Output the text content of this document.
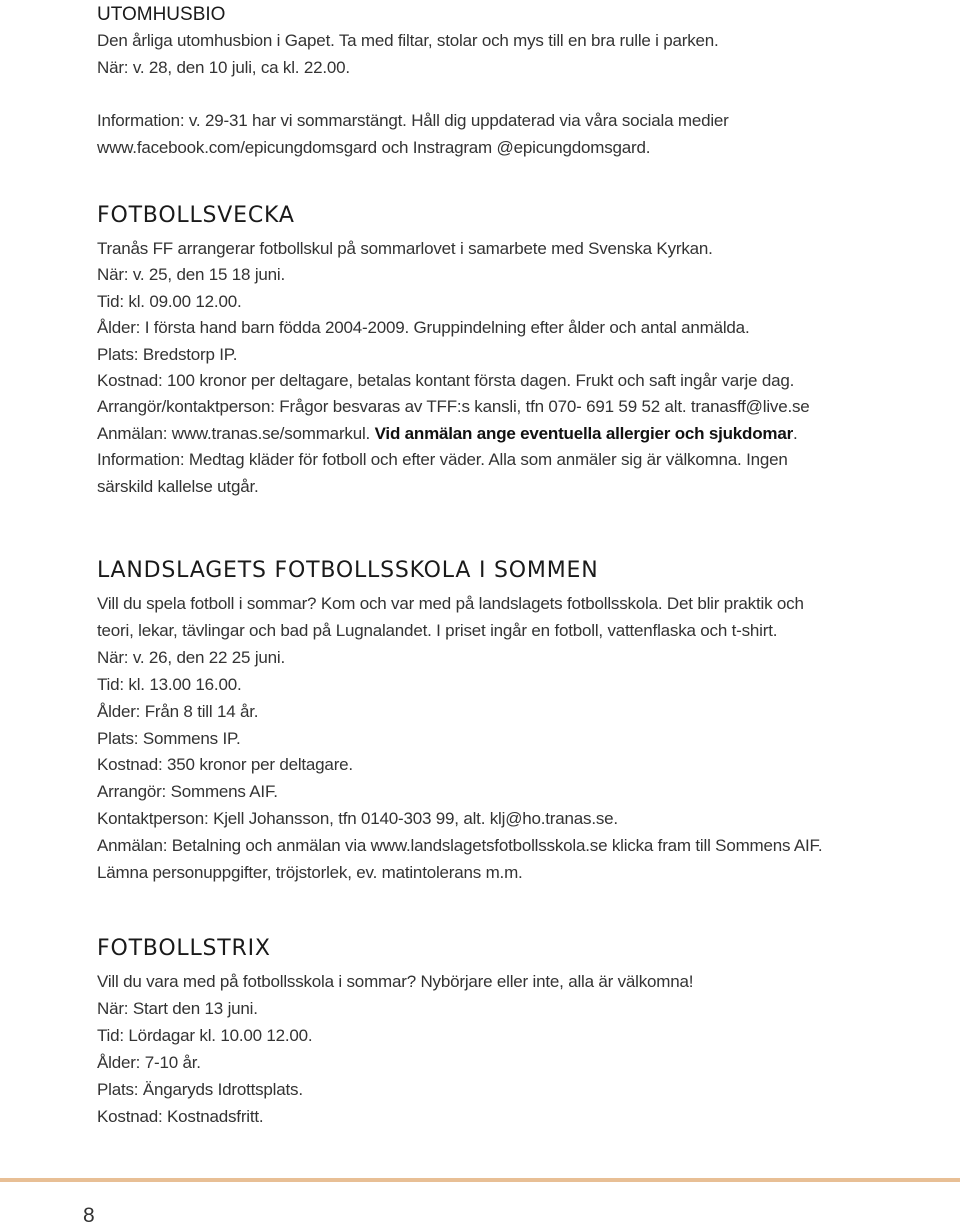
UTOMHUSBIO

Den årliga utomhusbion i Gapet. Ta med filtar, stolar och mys till en bra rulle i parken.

När: v. 28, den 10 juli, ca kl. 22.00.

Information: v. 29-31 har vi sommarstängt. Håll dig uppdaterad via våra sociala medier

www.facebook.com/epicungdomsgard och Instragram @epicungdomsgard.

FOTBOLLSVECKA

Tranås FF arrangerar fotbollskul på sommarlovet i samarbete med Svenska Kyrkan.

När: v. 25, den 15 18 juni.

Tid: kl. 09.00 12.00.

Ålder: I första hand barn födda 2004-2009. Gruppindelning efter ålder och antal anmälda.

Plats: Bredstorp IP.

Kostnad: 100 kronor per deltagare, betalas kontant första dagen. Frukt och saft ingår varje dag.

Arrangör/kontaktperson: Frågor besvaras av TFF:s kansli, tfn 070- 691 59 52 alt. tranasff@live.se

Anmälan: www.tranas.se/sommarkul. Vid anmälan ange eventuella allergier och sjukdomar.

Information: Medtag kläder för fotboll och efter väder. Alla som anmäler sig är välkomna. Ingen

särskild kallelse utgår.

LANDSLAGETS FOTBOLLSSKOLA I SOMMEN

Vill du spela fotboll i sommar? Kom och var med på landslagets fotbollsskola. Det blir praktik och

teori, lekar, tävlingar och bad på Lugnalandet. I priset ingår en fotboll, vattenflaska och t-shirt.

När: v. 26, den 22 25 juni.

Tid: kl. 13.00 16.00.

Ålder: Från 8 till 14 år.

Plats: Sommens IP.

Kostnad: 350 kronor per deltagare.

Arrangör: Sommens AIF.

Kontaktperson: Kjell Johansson, tfn 0140-303 99, alt. klj@ho.tranas.se.

Anmälan: Betalning och anmälan via www.landslagetsfotbollsskola.se klicka fram till Sommens AIF.

Lämna personuppgifter, tröjstorlek, ev. matintolerans m.m.

FOTBOLLSTRIX

Vill du vara med på fotbollsskola i sommar? Nybörjare eller inte, alla är välkomna!

När: Start den 13 juni.

Tid: Lördagar kl. 10.00 12.00.

Ålder: 7-10 år.

Plats: Ängaryds Idrottsplats.

Kostnad: Kostnadsfritt.

8
